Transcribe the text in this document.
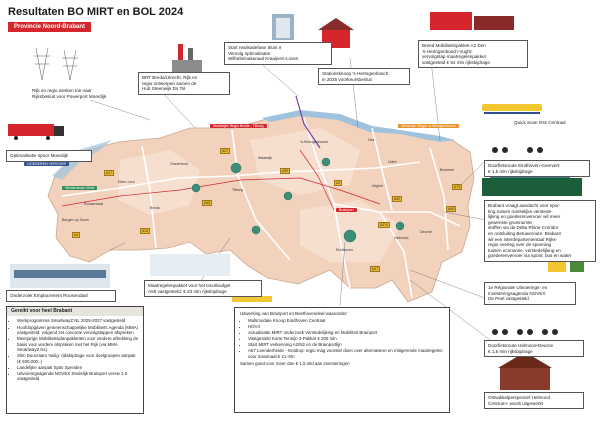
Resultaten BO MIRT en BOL 2024
Provincie Noord-Brabant
Rijk en regio werken toe naar
Rijksbesluit voor Powerport Moerdijk
BRT Breda/Utrecht. Rijk en
regio ontwerpen samen de
Hub Steenwijk Ds Tol
Start realisatiefase Sluis II
Vervolg optimalisatie
Wilhelminakanaal Kraaijven-Loven
Stationsknoop 's-Hertogenbosch:
in 2025 voorkeursbesluit
Breed Mobiliteitspakket A2 Den
's-Hertogenbosch-Vught:
vervolgstap maatregelenpakket
vastgesteld € 54 mln rijksbijdrage
Quick Scan Oss Centraal
Optimalisatie spoor Moerdijk
GOEDEREN VERVOER	Doorfietsroute Eindhoven-Geervert:
€ 1,5 mln rijksbijdrage
Brabant vraagt aandacht voor spor-
ting tussen ruimtelijke verstede-
lijking en goederenvervoer wil meer
gewenste groeiruimte
stoffen via de Delta Rhine Corridor
en ontsluiting Betuweroute. Brabant
wil een interdepartementaal Rijks-
regio overleg over de spanning
tussen economie, verstedelijking en
goederenvervoer via spoor, bus en water
Onderzoek Emplacement Roosendaal
Maatregelenpakket voor het tracébudget
A58 vastgesteld: € 23 mln rijksbijdrage
1e Regionale Uitvoerings- en
Investeringsagenda NOVEX
De Peel vastgesteld
Doorfietsroute Helmond-Deurne
€ 1,5 mln rijksbijdrage
Ontwikkelperspectief Helmond
Centrum+ wordt uitgewerkt
Stedelijke Regio Breda - Tilburg
Westbrabant West
Stedelijke Regio 's-Hertogenbosch
Brainport
Bergen op Zoom
Roosendaal
Breda
Tilburg
Waalwijk
's-Hertogenbosch	Oss
Uden
Veghel
Eindhoven
Helmond
Deurne
Boxmeer
Oosterhout
Etten-Leur
A4
A16
A17
A58
A59
A27
A2
A50
A65
A67
A270
A73
Gereikt voor heel Brabant
• Werkprogramma SmartwayZ.NL 2025-2027 vastgesteld
• Hoofdopgaven gemeenschappelijke Mobiliteits Agenda (MMA) vastgesteld: volgend zet concrete vervolgstappen afspreken
• Meerjarige Mobiliteitsplanpakketten voor verdere aftrekking de basis voor verdere afspraken met het Rijk (via MMA SmartwayZ.NL)
• Slim Duurzaam Veilig: rijksbijdrage voor doelgroepen aanpak (€ 600.000,-)
• Landelijke aanpak Spits Spreiden
• Uitvoeringsagenda NOVEX Stedelijk Brainport versie 1.0 vastgesteld
Uitwerking van Brainport en Beethovendeal waaronder:
• Multimodale Knoop Eindhoven Centraal
• HOV4
• Actualisatie MIRT onderzoek Verstedelijking en Mobiliteit Brainport
• Vastgesteld Korte Termijn 2-Pakket € 200 mln
• Start MIRT verkenning A2/N2 en de Brainportlijn
• A67 Leenderheide - Geldrop: regio mag voorstel doen over alternatieve en mitigerende maatregelen voor maximaal € 21 mln
Samen goed voor meer dan € 1,5 mld aan investeringen
